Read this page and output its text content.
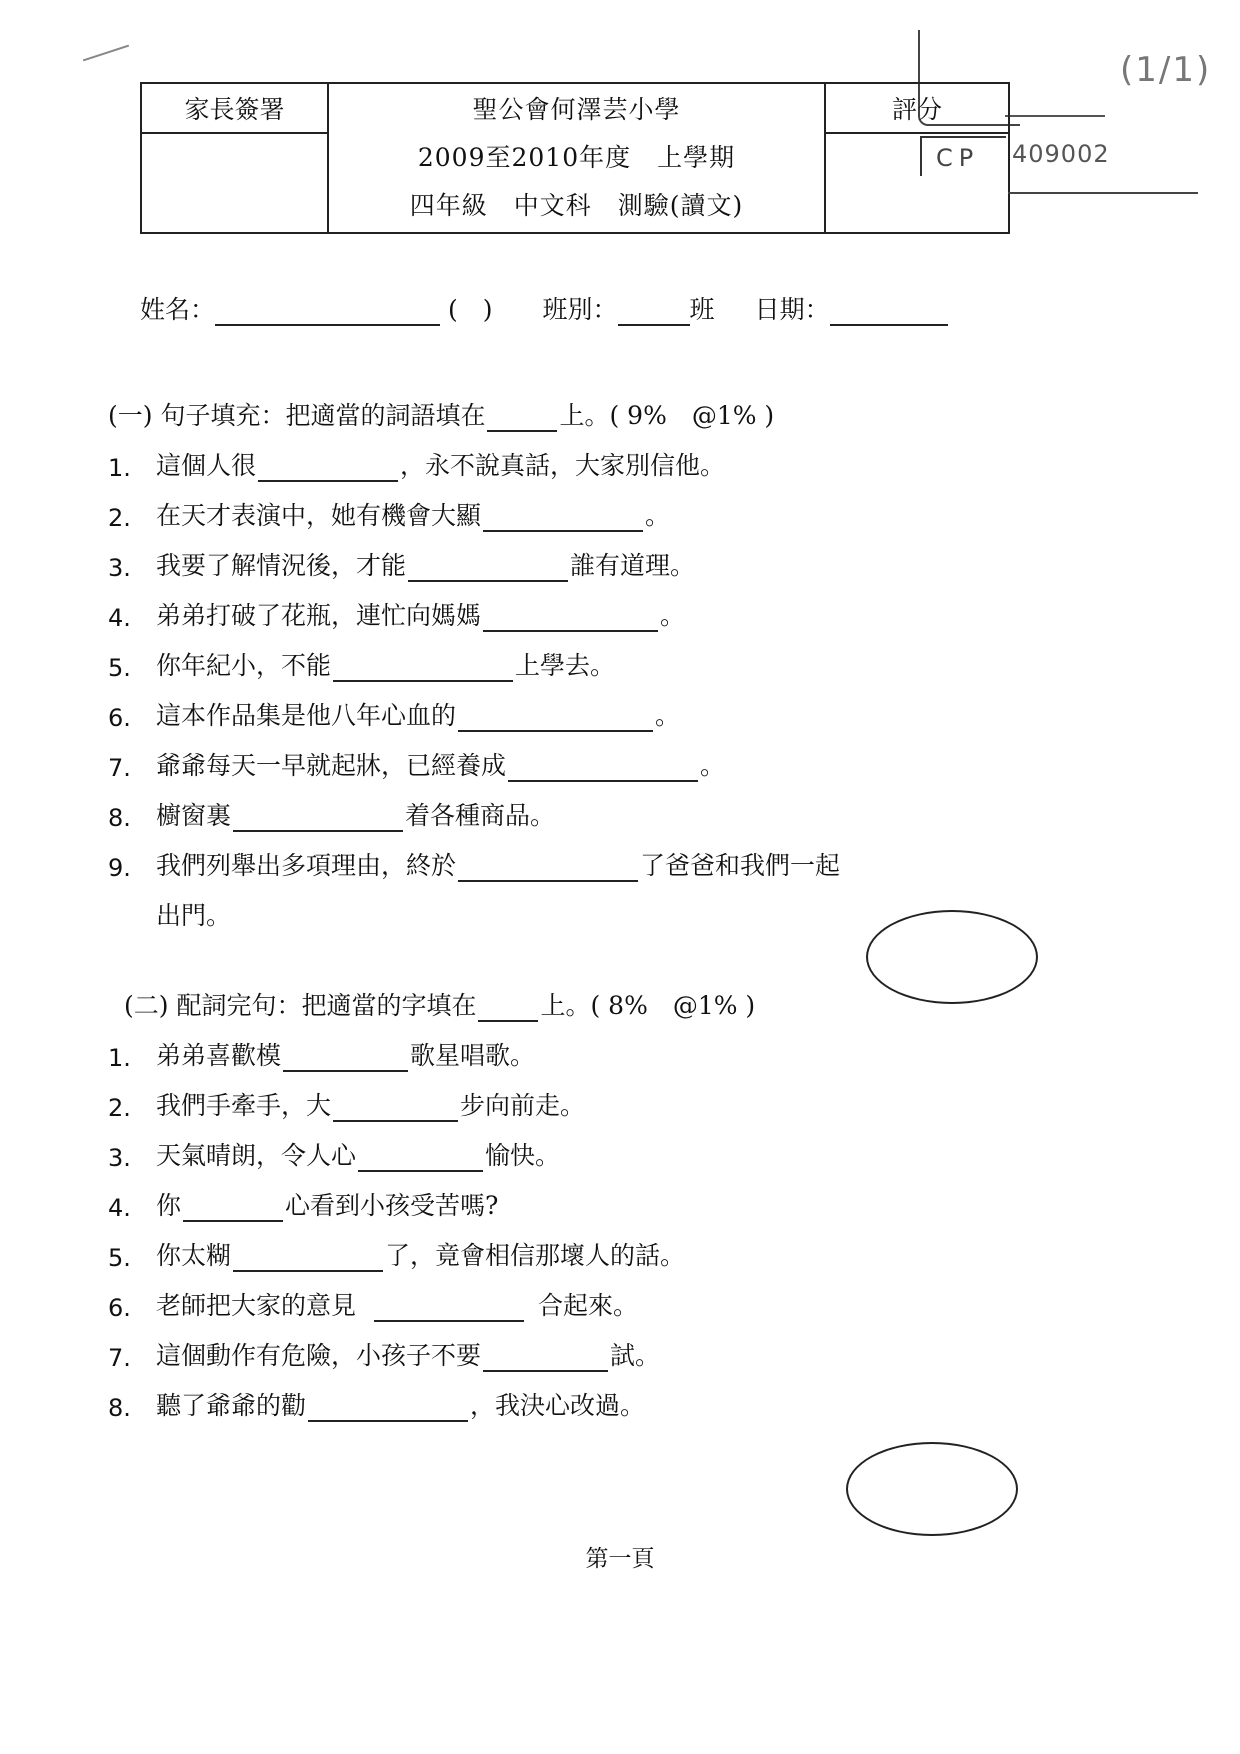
(1/1)
家長簽署	聖公會何澤芸小學
2009至2010年度　上學期
四年級　中文科　測驗(讀文)	評分

CP	409002
姓名：	(　) 班別：	班 日期：
(一) 句子填充：把適當的詞語填在	上。( 9%　@1% )
1.	這個人很	，永不說真話，大家別信他。
2.	在天才表演中，她有機會大顯	。
3.	我要了解情況後，才能	誰有道理。
4.	弟弟打破了花瓶，連忙向媽媽	。
5.	你年紀小，不能	上學去。
6.	這本作品集是他八年心血的	。
7.	爺爺每天一早就起牀，已經養成	。
8.	櫥窗裏	着各種商品。
9.	我們列舉出多項理由，終於	了爸爸和我們一起
出門。
(二) 配詞完句：把適當的字填在	上。( 8%　@1% )
1.	弟弟喜歡模	歌星唱歌。
2.	我們手牽手，大	步向前走。
3.	天氣晴朗，令人心	愉快。
4.	你	心看到小孩受苦嗎?
5.	你太糊	了，竟會相信那壞人的話。
6.	老師把大家的意見	合起來。
7.	這個動作有危險，小孩子不要	試。
8.	聽了爺爺的勸	，我決心改過。
第一頁
